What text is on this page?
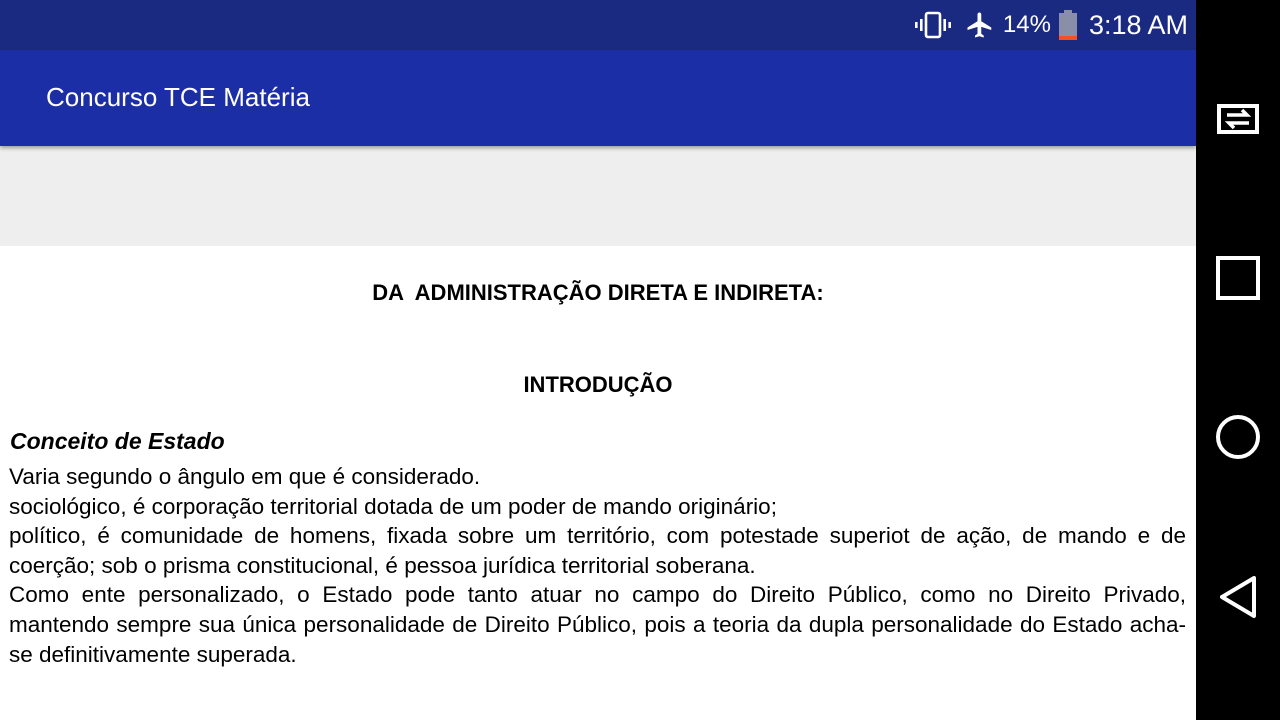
14% 3:18 AM
Concurso TCE Matéria
DA  ADMINISTRAÇÃO DIRETA E INDIRETA:
INTRODUÇÃO
Conceito de Estado

Varia segundo o ângulo em que é considerado.

sociológico, é corporação territorial dotada de um poder de mando originário;

político, é comunidade de homens, fixada sobre um território, com potestade superiot de ação, de mando e de coerção; sob o prisma constitucional, é pessoa jurídica territorial soberana.

Como ente personalizado, o Estado pode tanto atuar no campo do Direito Público, como no Direito Privado, mantendo sempre sua única personalidade de Direito Público, pois a teoria da dupla personalidade do Estado acha-se definitivamente superada.
